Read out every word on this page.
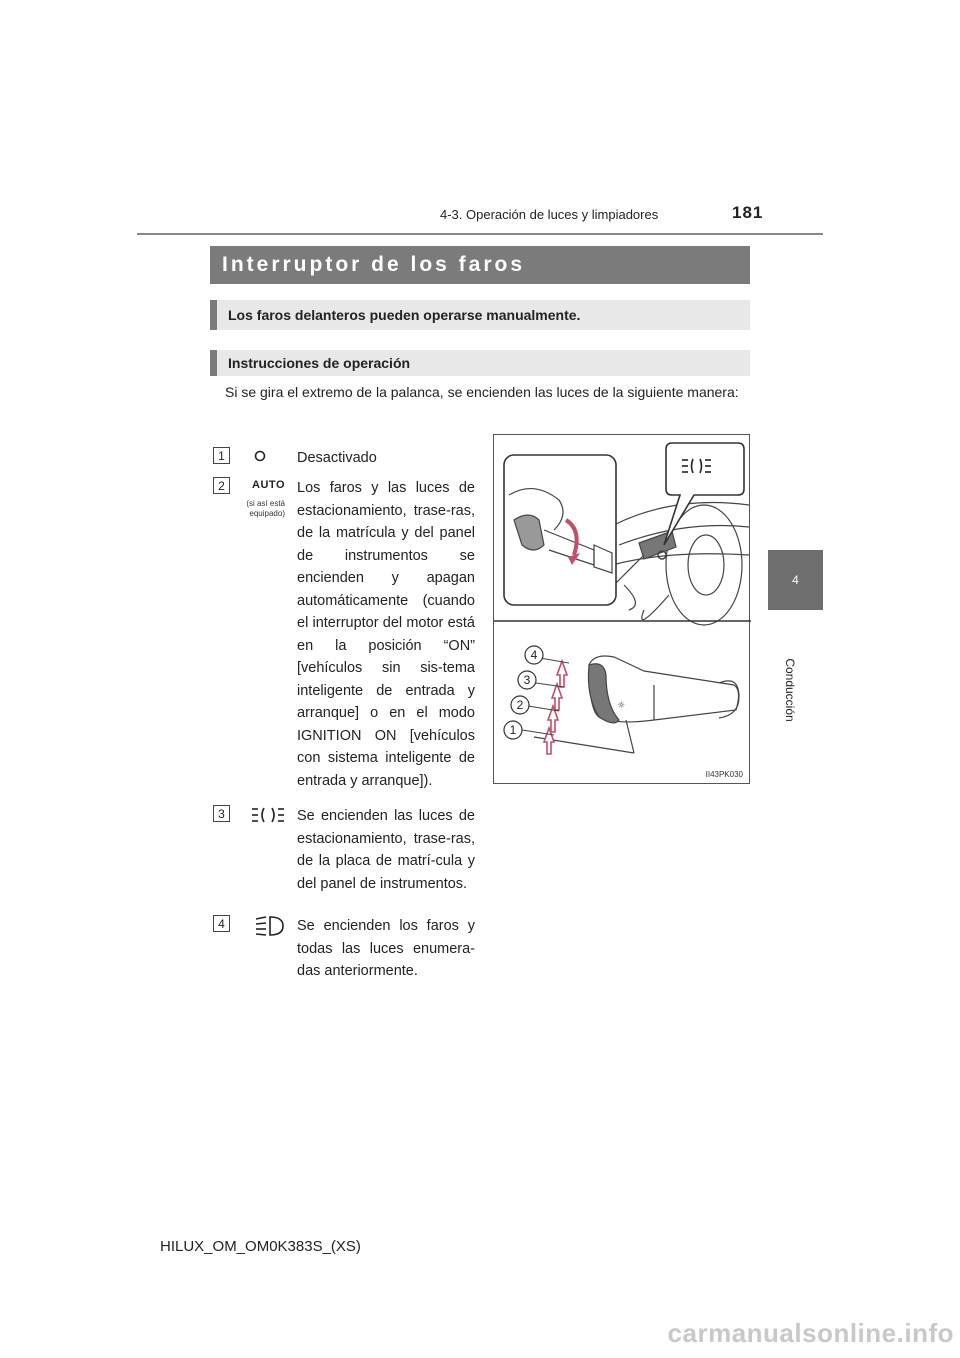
4-3. Operación de luces y limpiadores	181
4
Conducción
Interruptor de los faros
Los faros delanteros pueden operarse manualmente.
Instrucciones de operación
Si se gira el extremo de la palanca, se encienden las luces de la siguiente manera:
1	Desactivado
2	AUTO
(si así está equipado)
Los faros y las luces de estacionamiento, trase-ras, de la matrícula y del panel de instrumentos se encienden y apagan automáticamente (cuando el interruptor del motor está en la posición “ON” [vehículos sin sis-tema inteligente de entrada y arranque] o en el modo IGNITION ON [vehículos con sistema inteligente de entrada y arranque]).
3	Se encienden las luces de estacionamiento, trase-ras, de la placa de matrí-cula y del panel de instrumentos.
4	Se encienden los faros y todas las luces enumera-das anteriormente.
☼
4
3
2
1
II43PK030
HILUX_OM_OM0K383S_(XS)
carmanualsonline.info
